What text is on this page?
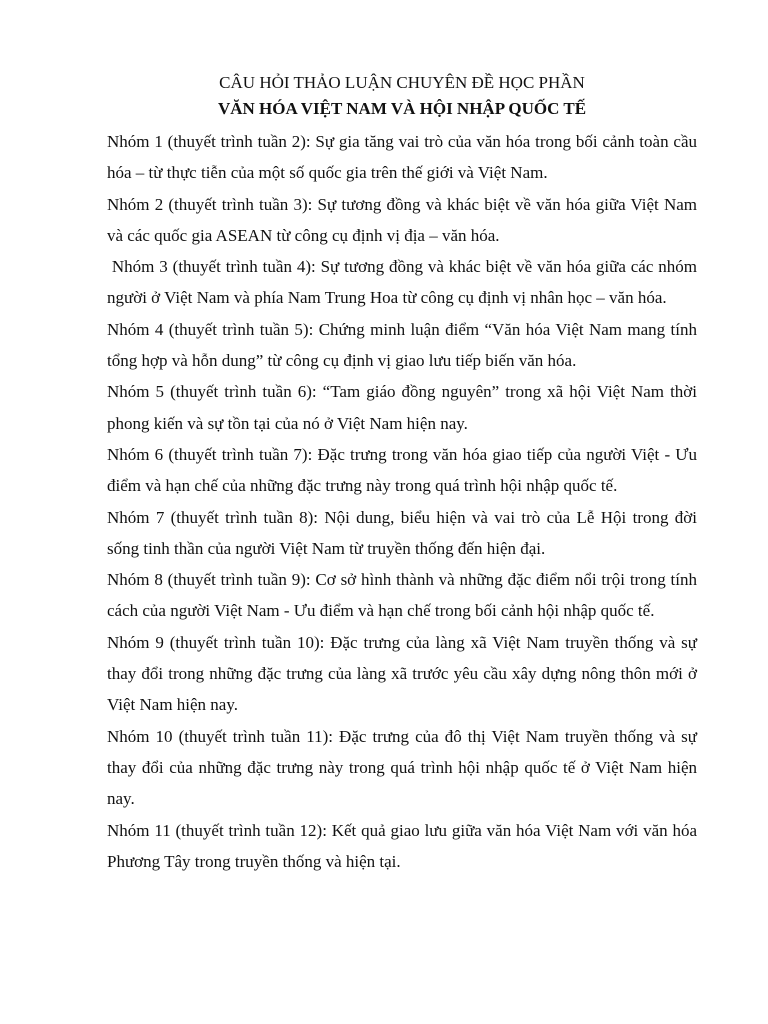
CÂU HỎI THẢO LUẬN CHUYÊN ĐỀ HỌC PHẦN
VĂN HÓA VIỆT NAM VÀ HỘI NHẬP QUỐC TẾ

Nhóm 1 (thuyết trình tuần 2): Sự gia tăng vai trò của văn hóa trong bối cảnh toàn cầu hóa – từ thực tiễn của một số quốc gia trên thế giới và Việt Nam.

Nhóm 2 (thuyết trình tuần 3): Sự tương đồng và khác biệt về văn hóa giữa Việt Nam và các quốc gia ASEAN từ công cụ định vị địa – văn hóa.

Nhóm 3 (thuyết trình tuần 4): Sự tương đồng và khác biệt về văn hóa giữa các nhóm người ở Việt Nam và phía Nam Trung Hoa từ công cụ định vị nhân học – văn hóa.

Nhóm 4 (thuyết trình tuần 5): Chứng minh luận điểm “Văn hóa Việt Nam mang tính tổng hợp và hỗn dung” từ công cụ định vị giao lưu tiếp biến văn hóa.

Nhóm 5 (thuyết trình tuần 6): “Tam giáo đồng nguyên” trong xã hội Việt Nam thời phong kiến và sự tồn tại của nó ở Việt Nam hiện nay.

Nhóm 6 (thuyết trình tuần 7): Đặc trưng trong văn hóa giao tiếp của người Việt - Ưu điểm và hạn chế của những đặc trưng này trong quá trình hội nhập quốc tế.

Nhóm 7 (thuyết trình tuần 8): Nội dung, biểu hiện và vai trò của Lễ Hội trong đời sống tinh thần của người Việt Nam từ truyền thống đến hiện đại.

Nhóm 8 (thuyết trình tuần 9): Cơ sở hình thành và những đặc điểm nổi trội trong tính cách của người Việt Nam - Ưu điểm và hạn chế trong bối cảnh hội nhập quốc tế.

Nhóm 9 (thuyết trình tuần 10): Đặc trưng của làng xã Việt Nam truyền thống và sự thay đổi trong những đặc trưng của làng xã trước yêu cầu xây dựng nông thôn mới ở Việt Nam hiện nay.

Nhóm 10 (thuyết trình tuần 11): Đặc trưng của đô thị Việt Nam truyền thống và sự thay đổi của những đặc trưng này trong quá trình hội nhập quốc tế ở Việt Nam hiện nay.

Nhóm 11 (thuyết trình tuần 12): Kết quả giao lưu giữa văn hóa Việt Nam với văn hóa Phương Tây trong truyền thống và hiện tại.
